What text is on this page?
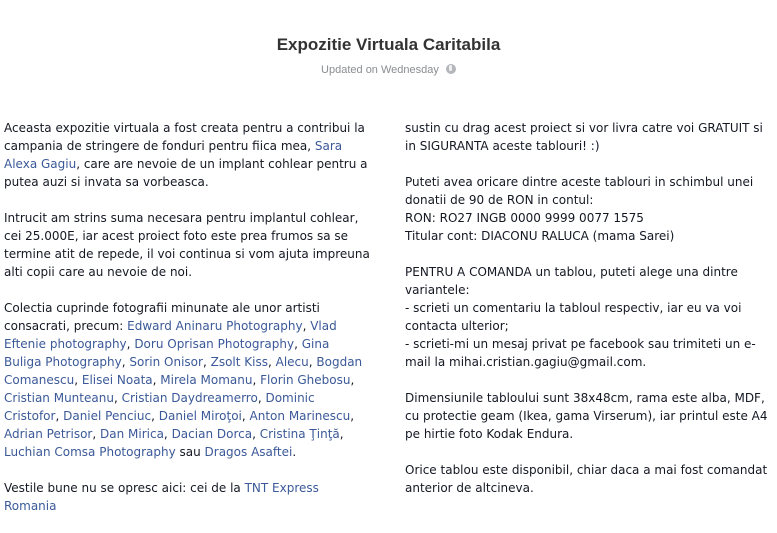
Expozitie Virtuala Caritabila
Updated on Wednesday

Aceasta expozitie virtuala a fost creata pentru a contribui la campania de stringere de fonduri pentru fiica mea, Sara Alexa Gagiu, care are nevoie de un implant cohlear pentru a putea auzi si invata sa vorbeasca.

Intrucit am strins suma necesara pentru implantul cohlear, cei 25.000E, iar acest proiect foto este prea frumos sa se termine atit de repede, il voi continua si vom ajuta impreuna alti copii care au nevoie de noi.

Colectia cuprinde fotografii minunate ale unor artisti consacrati, precum: Edward Aninaru Photography, Vlad Eftenie photography, Doru Oprisan Photography, Gina Buliga Photography, Sorin Onisor, Zsolt Kiss, Alecu, Bogdan Comanescu, Elisei Noata, Mirela Momanu, Florin Ghebosu, Cristian Munteanu, Cristian Daydreamerro, Dominic Cristofor, Daniel Penciuc, Daniel Miroţoi, Anton Marinescu, Adrian Petrisor, Dan Mirica, Dacian Dorca, Cristina Ţinţă, Luchian Comsa Photography sau Dragos Asaftei.

Vestile bune nu se opresc aici: cei de la TNT Express Romania

sustin cu drag acest proiect si vor livra catre voi GRATUIT si in SIGURANTA aceste tablouri! :)

Puteti avea oricare dintre aceste tablouri in schimbul unei donatii de 90 de RON in contul:
RON: RO27 INGB 0000 9999 0077 1575
Titular cont: DIACONU RALUCA (mama Sarei)

PENTRU A COMANDA un tablou, puteti alege una dintre variantele:
- scrieti un comentariu la tabloul respectiv, iar eu va voi contacta ulterior;
- scrieti-mi un mesaj privat pe facebook sau trimiteti un e-mail la mihai.cristian.gagiu@gmail.com.

Dimensiunile tabloului sunt 38x48cm, rama este alba, MDF, cu protectie geam (Ikea, gama Virserum), iar printul este A4 pe hirtie foto Kodak Endura.

Orice tablou este disponibil, chiar daca a mai fost comandat anterior de altcineva.
